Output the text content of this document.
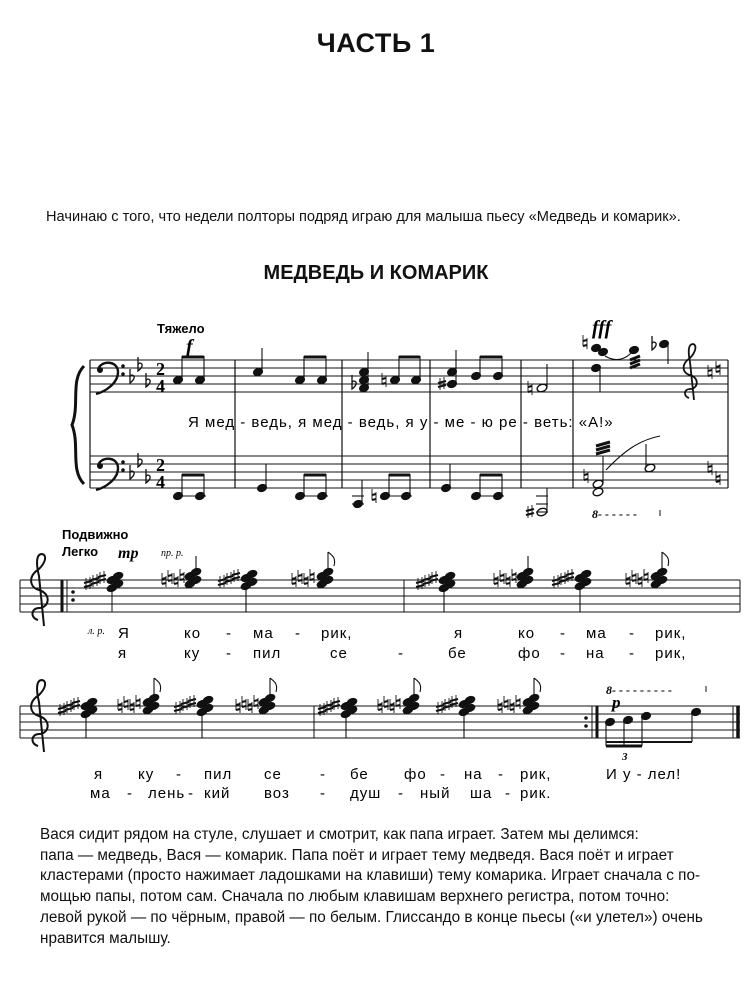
ЧАСТЬ 1
Начинаю с того, что недели полторы подряд играю для малыша пьесу «Медведь и комарик».
МЕДВЕДЬ И КОМАРИК
Тяжело
f
fff
2
4
2
4
Я мед - ведь, я мед - ведь, я у - ме - ю ре - веть: «А!»
8- - - - - -
Подвижно
Легко mp пр. р.
л. р. Я	ко - ма - рик,	я	ко - ма - рик,
я	ку - пил	се	-	бе	фо - на - рик,
8- - - - - - - - -
p
3
я ку - пил се	- бе фо - на - рик,	И у - лел!
ма - лень - кий воз - душ - ный ша - рик.
Вася сидит рядом на стуле, слушает и смотрит, как папа играет. Затем мы делимся:
папа — медведь, Вася — комарик. Папа поёт и играет тему медведя. Вася поёт и играет
кластерами (просто нажимает ладошками на клавиши) тему комарика. Играет сначала с по-
мощью папы, потом сам. Сначала по любым клавишам верхнего регистра, потом точно:
левой рукой — по чёрным, правой — по белым. Глиссандо в конце пьесы («и улетел») очень
нравится малышу.
